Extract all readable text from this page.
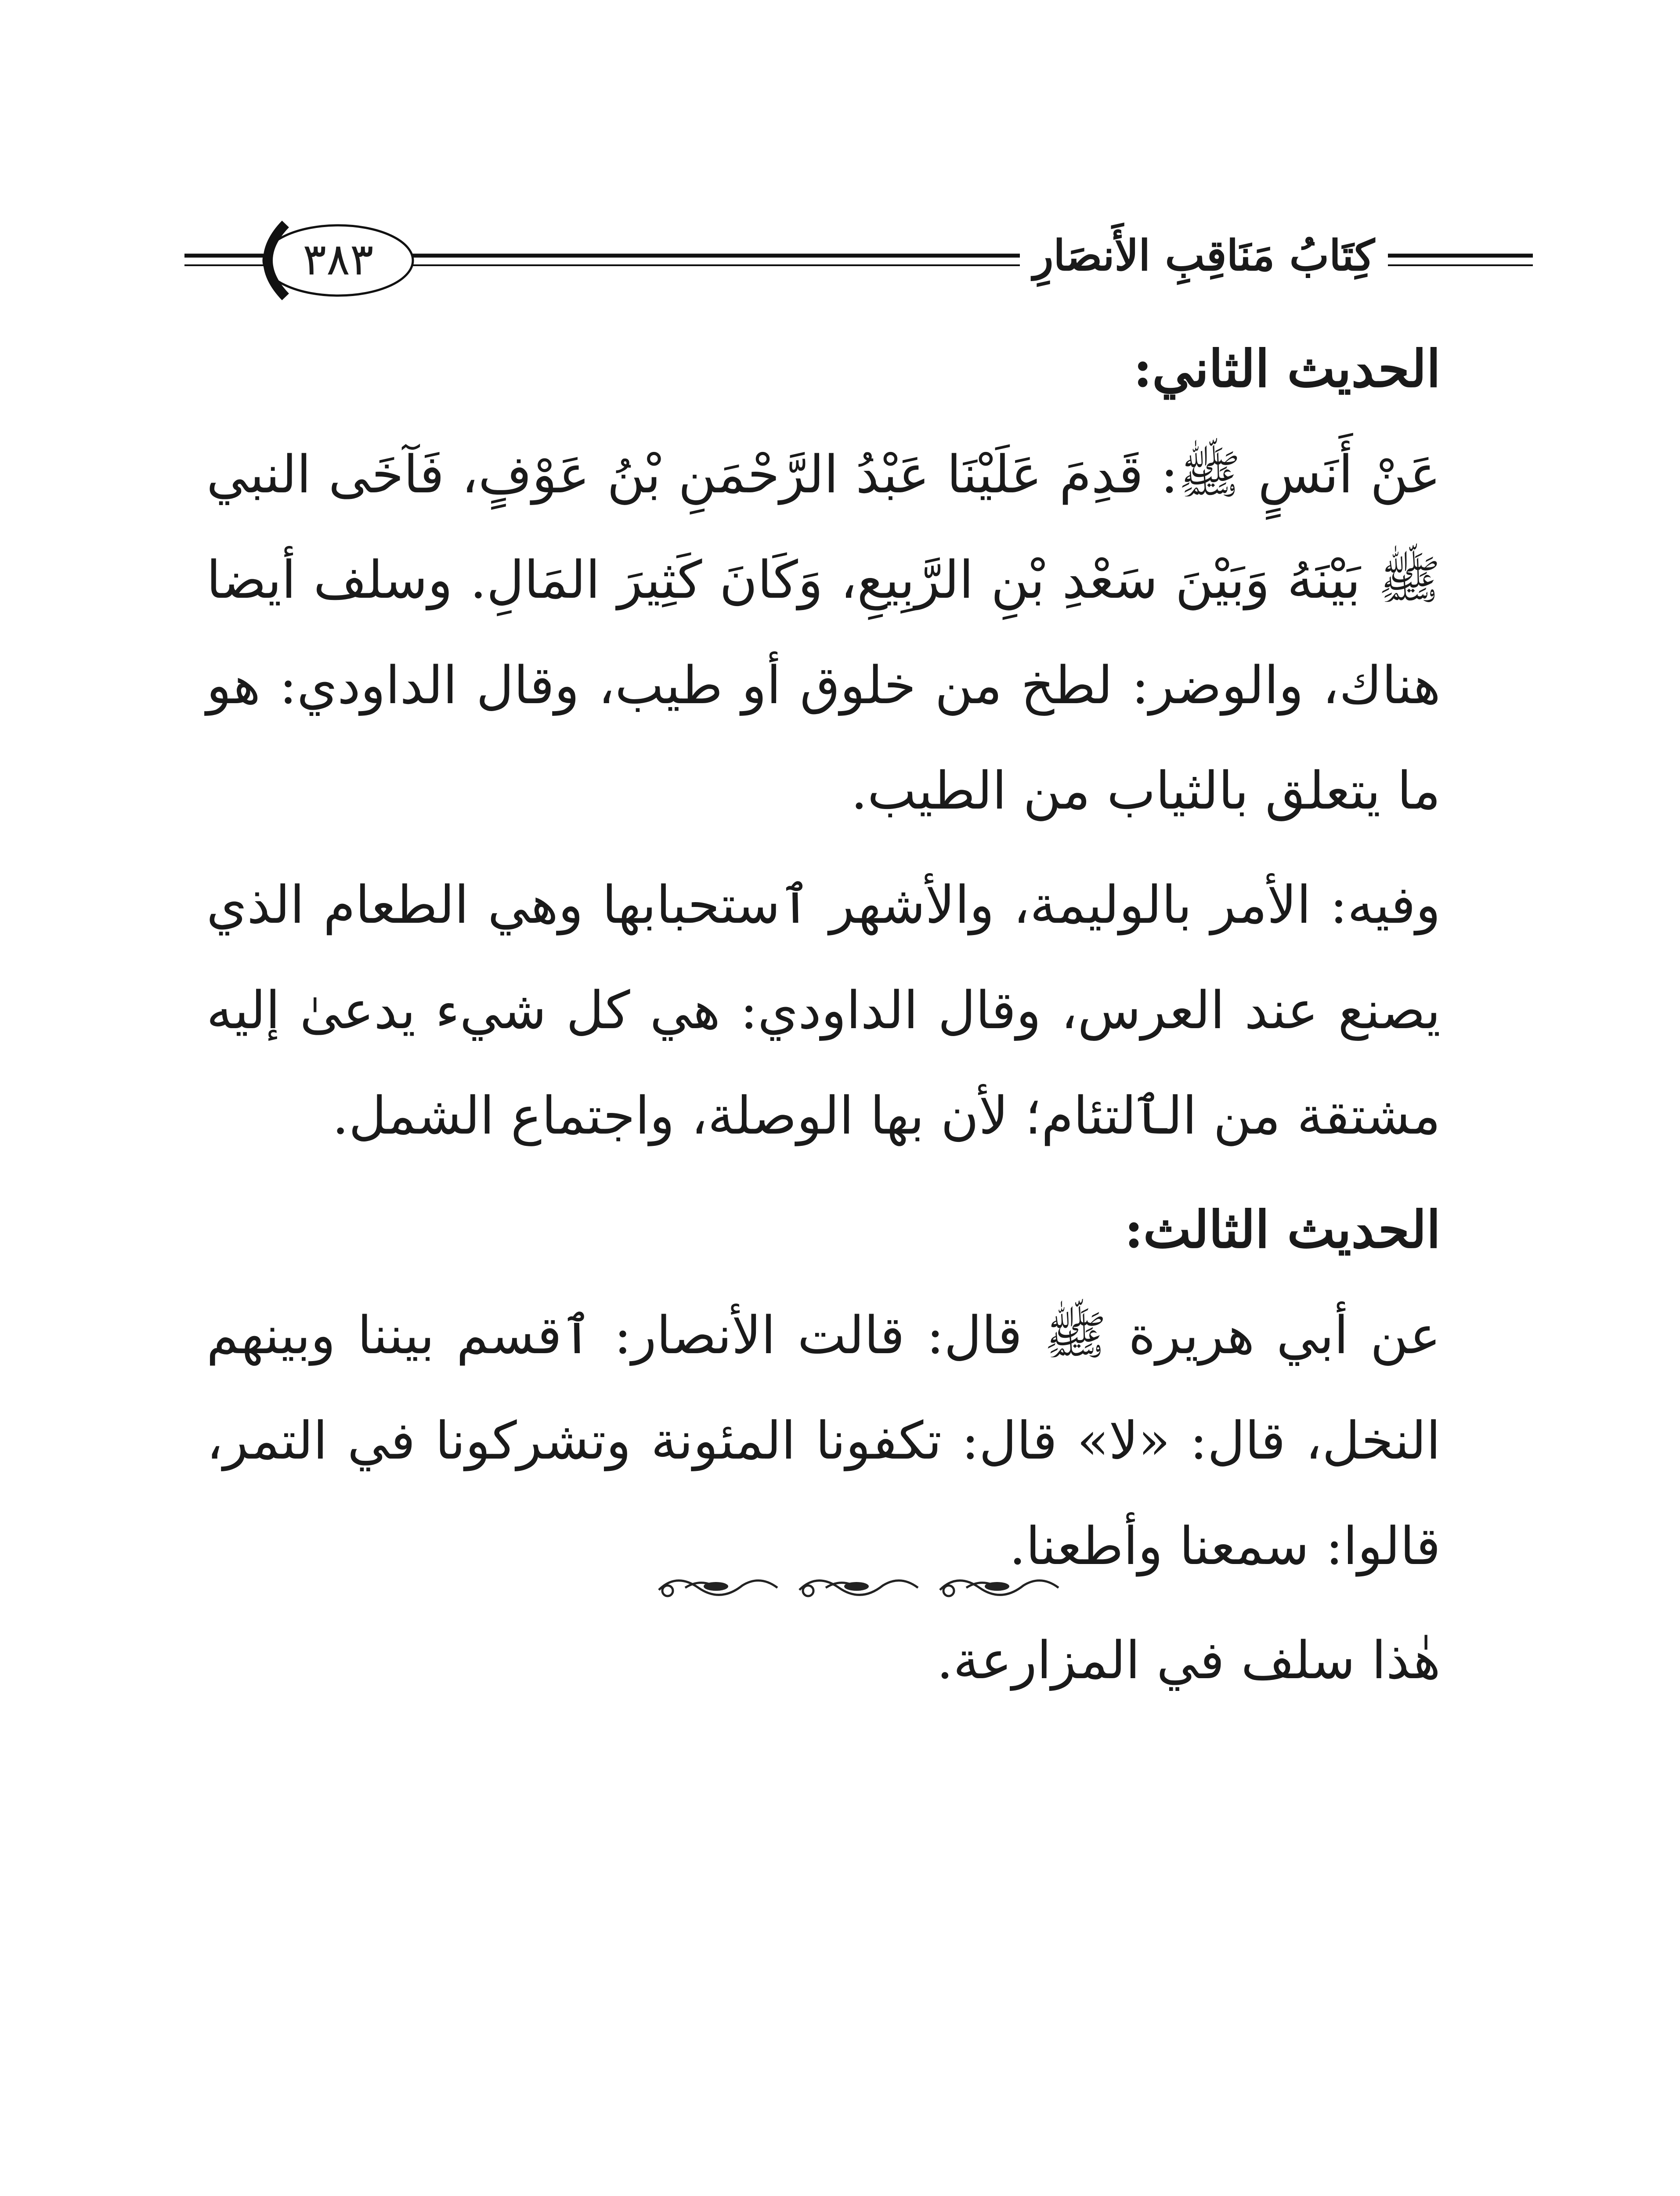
كِتَابُ مَنَاقِبِ الأَنصَارِ
٣٨٣

الحديث الثاني:

عَنْ أَنَسٍ ﷺ: قَدِمَ عَلَيْنَا عَبْدُ الرَّحْمَنِ بْنُ عَوْفٍ، فَآخَى النبي ﷺ بَيْنَهُ وَبَيْنَ سَعْدِ بْنِ الرَّبِيعِ، وَكَانَ كَثِيرَ المَالِ. وسلف أيضا هناك، والوضر: لطخ من خلوق أو طيب، وقال الداودي: هو ما يتعلق بالثياب من الطيب.

وفيه: الأمر بالوليمة، والأشهر ٱستحبابها وهي الطعام الذي يصنع عند العرس، وقال الداودي: هي كل شيء يدعىٰ إليه مشتقة من الٱلتئام؛ لأن بها الوصلة، واجتماع الشمل.

الحديث الثالث:

عن أبي هريرة ﷺ قال: قالت الأنصار: ٱقسم بيننا وبينهم النخل، قال: «لا» قال: تكفونا المئونة وتشركونا في التمر، قالوا: سمعنا وأطعنا.

هٰذا سلف في المزارعة.
